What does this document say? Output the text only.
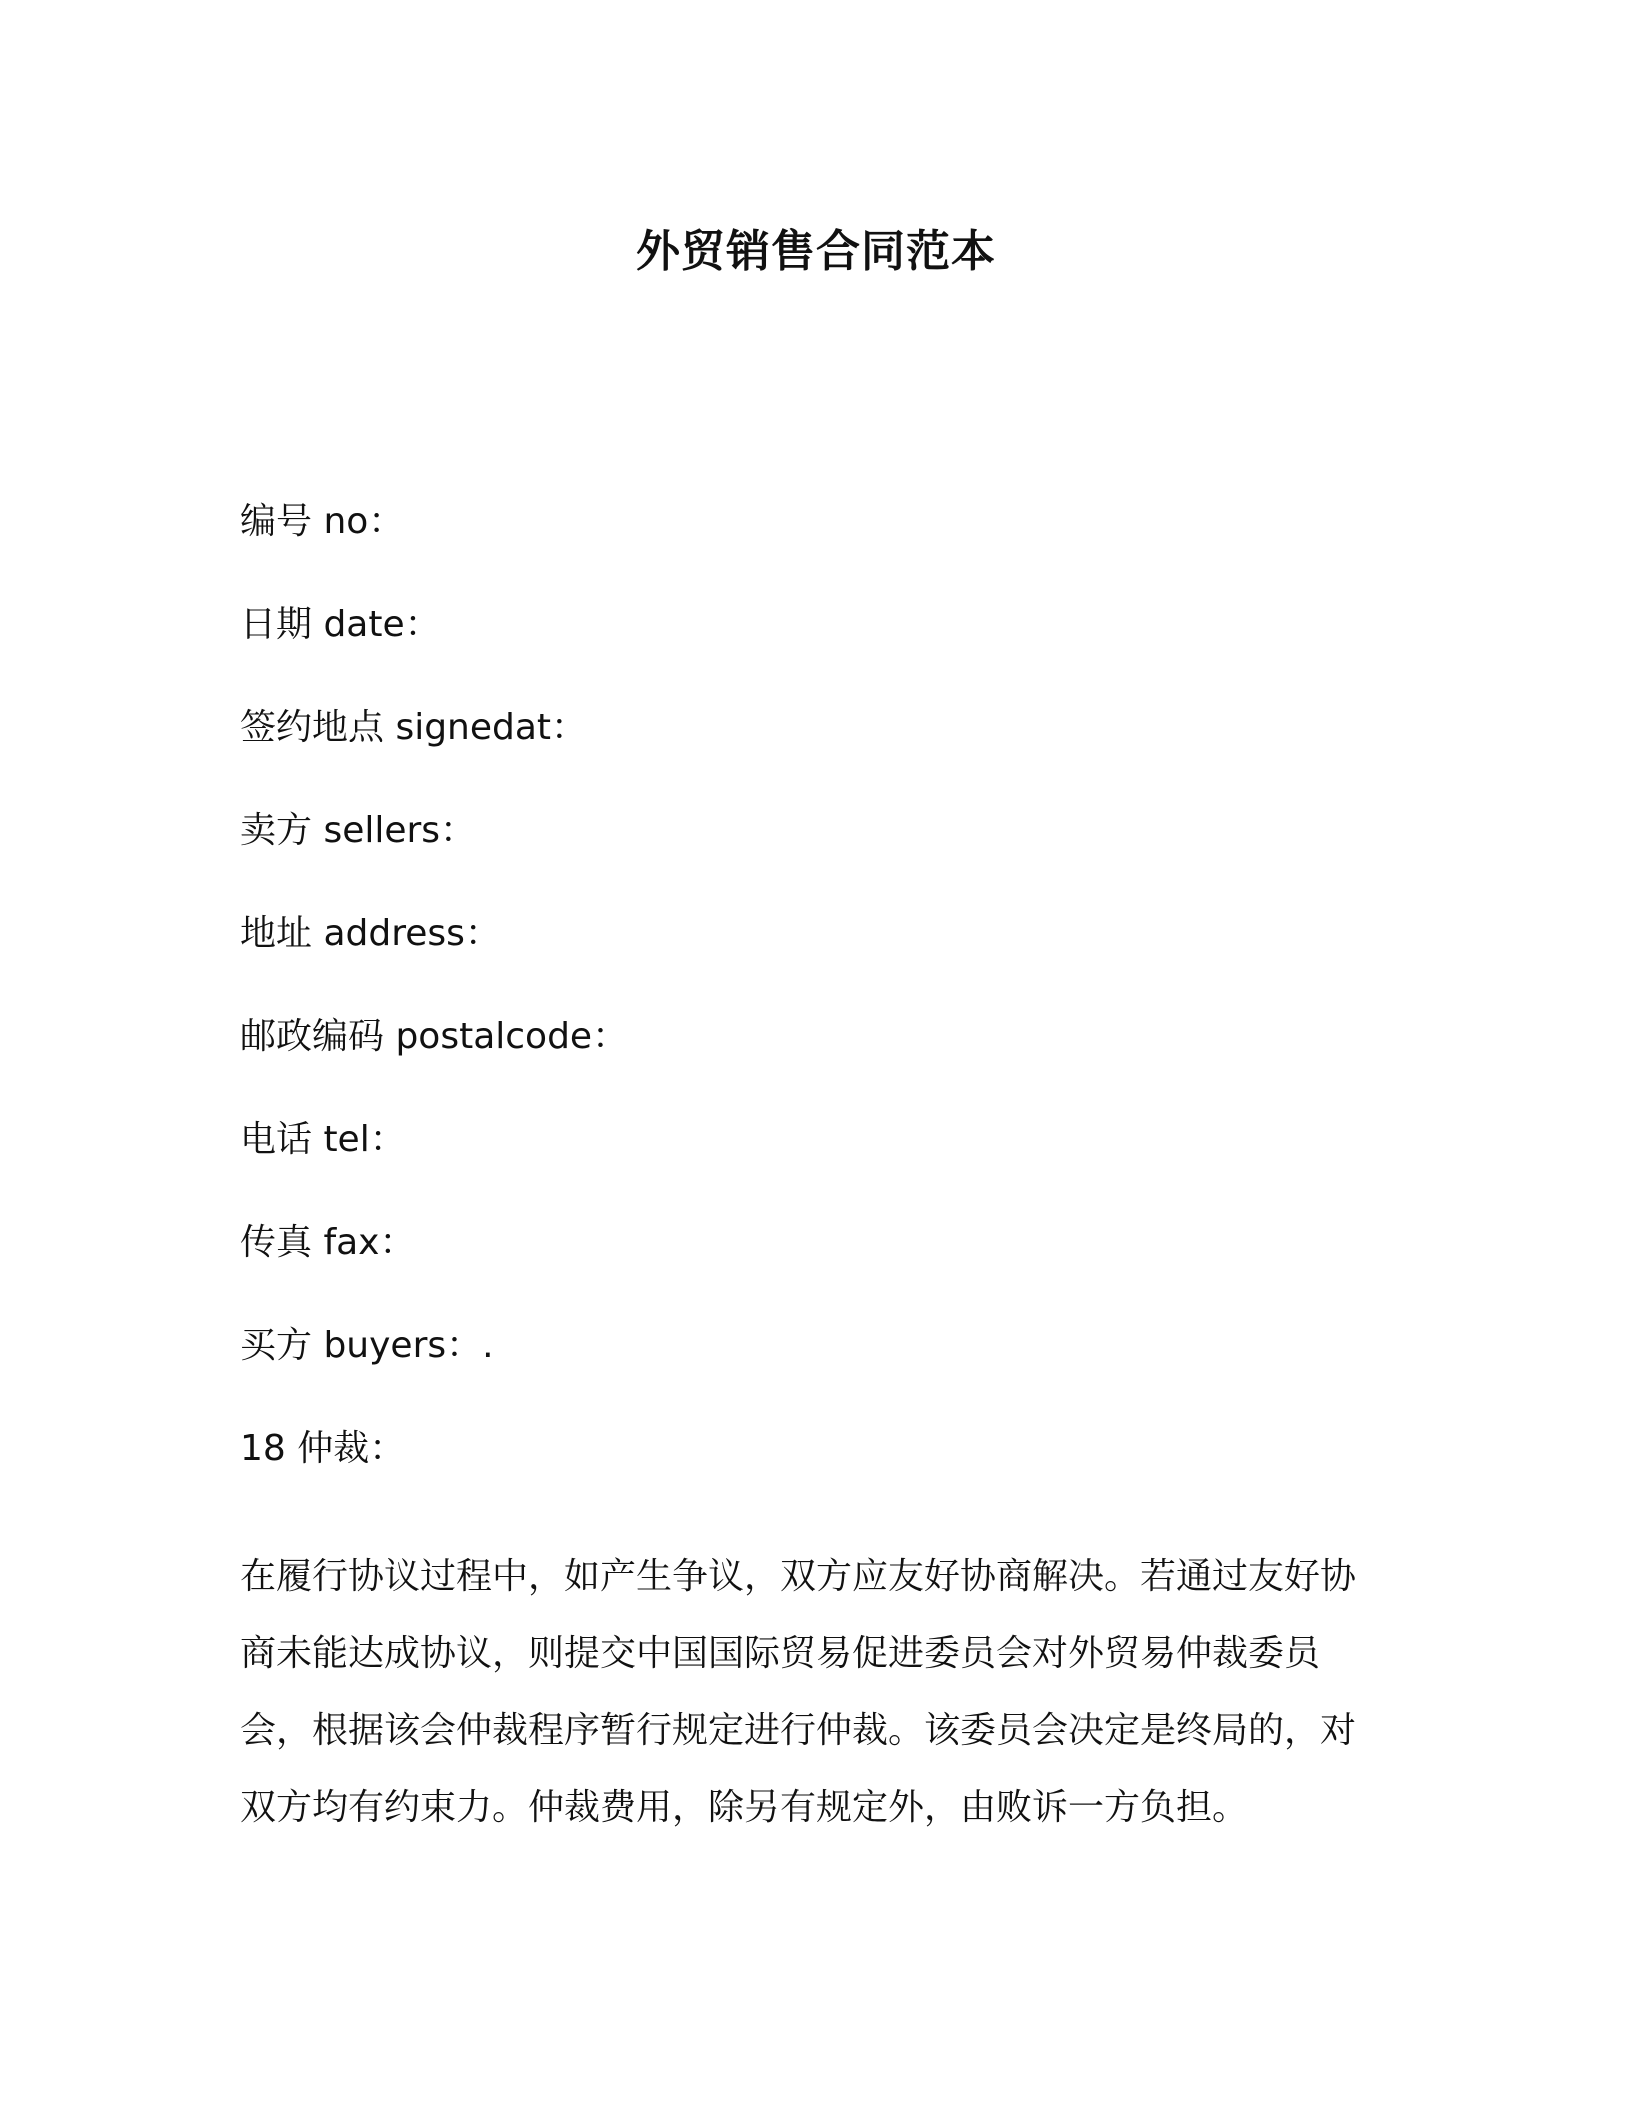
外贸销售合同范本
编号 no：
日期 date：
签约地点 signedat：
卖方 sellers：
地址 address：
邮政编码 postalcode：
电话 tel：
传真 fax：
买方 buyers：.
18 仲裁：

在履行协议过程中，如产生争议，双方应友好协商解决。若通过友好协商未能达成协议，则提交中国国际贸易促进委员会对外贸易仲裁委员会，根据该会仲裁程序暂行规定进行仲裁。该委员会决定是终局的，对双方均有约束力。仲裁费用，除另有规定外，由败诉一方负担。
